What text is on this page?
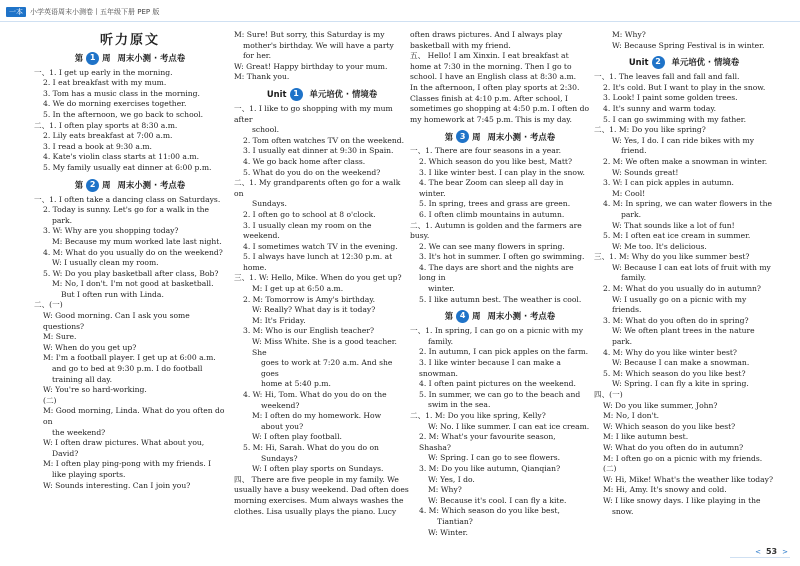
一本	小学英语周末小测卷丨五年级下册 PEP 版
听力原文
第 1 周 周末小测 · 考点卷
一、1. I get up early in the morning.
2. I eat breakfast with my mum.
3. Tom has a music class in the morning.
4. We do morning exercises together.
5. In the afternoon, we go back to school.
二、1. I often play sports at 8:30 a.m.
2. Lily eats breakfast at 7:00 a.m.
3. I read a book at 9:30 a.m.
4. Kate's violin class starts at 11:00 a.m.
5. My family usually eat dinner at 6:00 p.m.
第 2 周 周末小测 · 考点卷
一、1. I often take a dancing class on Saturdays.
2. Today is sunny. Let's go for a walk in the
park.
3. W: Why are you shopping today?
M: Because my mum worked late last night.
4. M: What do you usually do on the weekend?
W: I usually clean my room.
5. W: Do you play basketball after class, Bob?
M: No, I don't. I'm not good at basketball.
But I often run with Linda.
二、(一)
W: Good morning. Can I ask you some questions?
M: Sure.
W: When do you get up?
M: I'm a football player. I get up at 6:00 a.m.
and go to bed at 9:30 p.m. I do football
training all day.
W: You're so hard-working.
(二)
M: Good morning, Linda. What do you often do on
the weekend?
W: I often draw pictures. What about you,
David?
M: I often play ping-pong with my friends. I
like playing sports.
W: Sounds interesting. Can I join you?
M: Sure! But sorry, this Saturday is my
mother's birthday. We will have a party
for her.
W: Great! Happy birthday to your mum.
M: Thank you.
Unit 1	单元培优 · 情境卷
一、1. I like to go shopping with my mum after
school.
2. Tom often watches TV on the weekend.
3. I usually eat dinner at 9:30 in Spain.
4. We go back home after class.
5. What do you do on the weekend?
二、1. My grandparents often go for a walk on
Sundays.
2. I often go to school at 8 o'clock.
3. I usually clean my room on the weekend.
4. I sometimes watch TV in the evening.
5. I always have lunch at 12:30 p.m. at home.
三、1. W: Hello, Mike. When do you get up?
M: I get up at 6:50 a.m.
2. M: Tomorrow is Amy's birthday.
W: Really? What day is it today?
M: It's Friday.
3. M: Who is our English teacher?
W: Miss White. She is a good teacher. She
goes to work at 7:20 a.m. And she goes
home at 5:40 p.m.
4. W: Hi, Tom. What do you do on the
weekend?
M: I often do my homework. How
about you?
W: I often play football.
5. M: Hi, Sarah. What do you do on
Sundays?
W: I often play sports on Sundays.
四、 There are five people in my family. We
usually have a busy weekend. Dad often does
morning exercises. Mum always washes the
clothes. Lisa usually plays the piano. Lucy
often draws pictures. And I always play
basketball with my friend.
五、 Hello! I am Xinxin. I eat breakfast at
home at 7:30 in the morning. Then I go to
school. I have an English class at 8:30 a.m.
In the afternoon, I often play sports at 2:30.
Classes finish at 4:10 p.m. After school, I
sometimes go shopping at 4:50 p.m. I often do
my homework at 7:45 p.m. This is my day.
第 3 周 周末小测 · 考点卷
一、1. There are four seasons in a year.
2. Which season do you like best, Matt?
3. I like winter best. I can play in the snow.
4. The bear Zoom can sleep all day in winter.
5. In spring, trees and grass are green.
6. I often climb mountains in autumn.
二、1. Autumn is golden and the farmers are busy.
2. We can see many flowers in spring.
3. It's hot in summer. I often go swimming.
4. The days are short and the nights are long in
winter.
5. I like autumn best. The weather is cool.
第 4 周 周末小测 · 考点卷
一、1. In spring, I can go on a picnic with my
family.
2. In autumn, I can pick apples on the farm.
3. I like winter because I can make a snowman.
4. I often paint pictures on the weekend.
5. In summer, we can go to the beach and
swim in the sea.
二、1. M: Do you like spring, Kelly?
W: No. I like summer. I can eat ice cream.
2. M: What's your favourite season, Shasha?
W: Spring. I can go to see flowers.
3. M: Do you like autumn, Qianqian?
W: Yes, I do.
M: Why?
W: Because it's cool. I can fly a kite.
4. M: Which season do you like best,
Tiantian?
W: Winter.
M: Why?
W: Because Spring Festival is in winter.
Unit 2	单元培优 · 情境卷
一、1. The leaves fall and fall and fall.
2. It's cold. But I want to play in the snow.
3. Look! I paint some golden trees.
4. It's sunny and warm today.
5. I can go swimming with my father.
二、1. M: Do you like spring?
W: Yes, I do. I can ride bikes with my
friend.
2. M: We often make a snowman in winter.
W: Sounds great!
3. W: I can pick apples in autumn.
M: Cool!
4. M: In spring, we can water flowers in the
park.
W: That sounds like a lot of fun!
5. M: I often eat ice cream in summer.
W: Me too. It's delicious.
三、1. M: Why do you like summer best?
W: Because I can eat lots of fruit with my
family.
2. M: What do you usually do in autumn?
W: I usually go on a picnic with my friends.
3. M: What do you often do in spring?
W: We often plant trees in the nature park.
4. M: Why do you like winter best?
W: Because I can make a snowman.
5. M: Which season do you like best?
W: Spring. I can fly a kite in spring.
四、(一)
W: Do you like summer, John?
M: No, I don't.
W: Which season do you like best?
M: I like autumn best.
W: What do you often do in autumn?
M: I often go on a picnic with my friends.
(二)
W: Hi, Mike! What's the weather like today?
M: Hi, Amy. It's snowy and cold.
W: I like snowy days. I like playing in the
snow.
< 53 >
